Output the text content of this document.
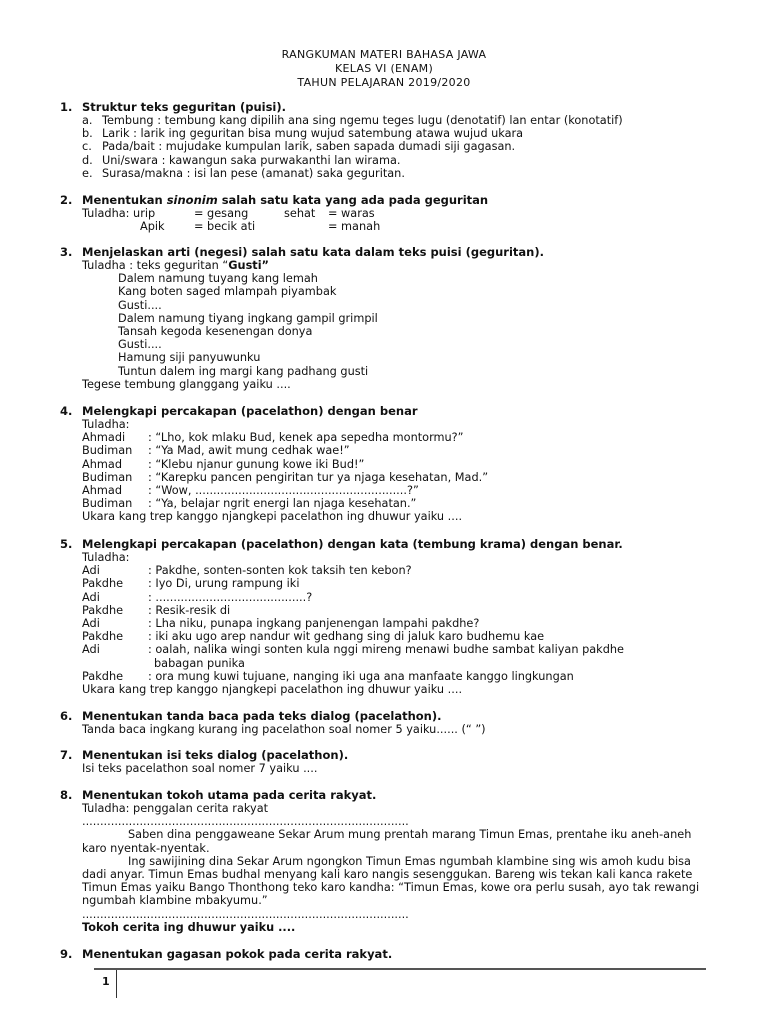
RANGKUMAN MATERI BAHASA JAWA
KELAS VI (ENAM)
TAHUN PELAJARAN 2019/2020
1. Struktur teks geguritan (puisi).
a. Tembung : tembung kang dipilih ana sing ngemu teges lugu (denotatif) lan entar (konotatif)
b. Larik : larik ing geguritan bisa mung wujud satembung atawa wujud ukara
c. Pada/bait : mujudake kumpulan larik, saben sapada dumadi siji gagasan.
d. Uni/swara : kawangun saka purwakanthi lan wirama.
e. Surasa/makna : isi lan pese (amanat) saka geguritan.
2. Menentukan sinonim salah satu kata yang ada pada geguritan
Tuladha: urip	= gesang	sehat = waras
Apik	= becik ati	= manah
3. Menjelaskan arti (negesi) salah satu kata dalam teks puisi (geguritan).
Tuladha : teks geguritan “Gusti”
Dalem namung tuyang kang lemah
Kang boten saged mlampah piyambak
Gusti....
Dalem namung tiyang ingkang gampil grimpil
Tansah kegoda kesenengan donya
Gusti....
Hamung siji panyuwunku
Tuntun dalem ing margi kang padhang gusti
Tegese tembung glanggang yaiku ....
4. Melengkapi percakapan (pacelathon) dengan benar
Tuladha:
Ahmadi : “Lho, kok mlaku Bud, kenek apa sepedha montormu?”
Budiman : “Ya Mad, awit mung cedhak wae!”
Ahmad : “Klebu njanur gunung kowe iki Bud!”
Budiman : “Karepku pancen pengiritan tur ya njaga kesehatan, Mad.”
Ahmad : “Wow, ...........................................................?”
Budiman : “Ya, belajar ngrit energi lan njaga kesehatan.”
Ukara kang trep kanggo njangkepi pacelathon ing dhuwur yaiku ....
5. Melengkapi percakapan (pacelathon) dengan kata (tembung krama) dengan benar.
Tuladha:
Adi	: Pakdhe, sonten-sonten kok taksih ten kebon?
Pakdhe : Iyo Di, urung rampung iki
Adi	: ..........................................?
Pakdhe : Resik-resik di
Adi	: Lha niku, punapa ingkang panjenengan lampahi pakdhe?
Pakdhe : iki aku ugo arep nandur wit gedhang sing di jaluk karo budhemu kae
Adi	: oalah, nalika wingi sonten kula nggi mireng menawi budhe sambat kaliyan pakdhe
babagan punika
Pakdhe : ora mung kuwi tujuane, nanging iki uga ana manfaate kanggo lingkungan
Ukara kang trep kanggo njangkepi pacelathon ing dhuwur yaiku ....
6. Menentukan tanda baca pada teks dialog (pacelathon).
Tanda baca ingkang kurang ing pacelathon soal nomer 5 yaiku...... (“ ”)
7. Menentukan isi teks dialog (pacelathon).
Isi teks pacelathon soal nomer 7 yaiku ....
8. Menentukan tokoh utama pada cerita rakyat.
Tuladha: penggalan cerita rakyat
...........................................................................................
Saben dina penggaweane Sekar Arum mung prentah marang Timun Emas, prentahe iku aneh-aneh karo nyentak-nyentak.
Ing sawijining dina Sekar Arum ngongkon Timun Emas ngumbah klambine sing wis amoh kudu bisa dadi anyar. Timun Emas budhal menyang kali karo nangis sesenggukan. Bareng wis tekan kali kanca rakete Timun Emas yaiku Bango Thonthong teko karo kandha: “Timun Emas, kowe ora perlu susah, ayo tak rewangi ngumbah klambine mbakyumu.”
...........................................................................................
Tokoh cerita ing dhuwur yaiku ....
9. Menentukan gagasan pokok pada cerita rakyat.
1
